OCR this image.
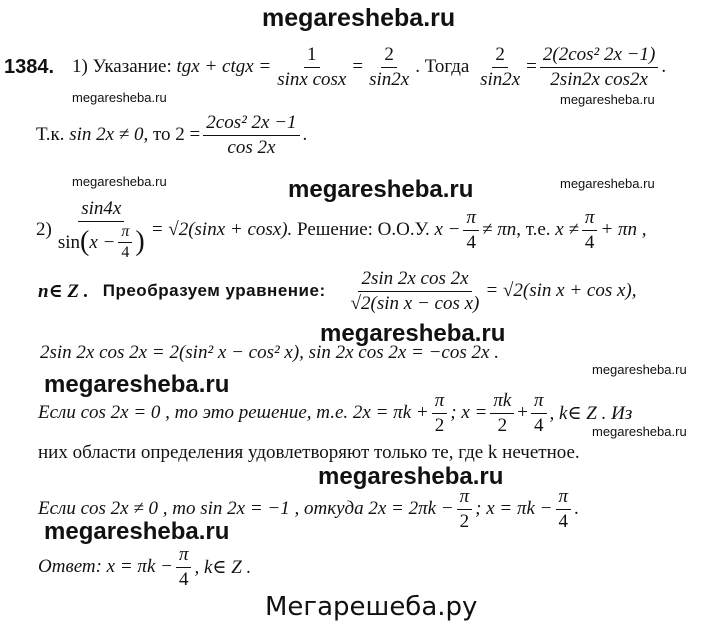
megaresheba.ru
1384. 1)
Указание:
tgx + ctgx = $\frac{1}{\text{sinx cosx}} = \frac{2}{\sin 2x}$ . Тогда
$\frac{2}{\sin 2x} = \frac{\text{2(2cos² 2x −1)}}{\text{2sin2x cos2x}}$ .
megaresheba.ru	megaresheba.ru
Т.к.
sin 2x ≠ 0 , то
$2 = \frac{\text{2cos² 2x −1}}{\cos 2x}$ .
megaresheba.ru	megaresheba.ru	megaresheba.ru
$2) \frac{\sin 4x}{\sin ( x - \frac{\pi}{4} )} = √2(\sin x + \cos x)$.
Решение: О.О.У.
$x - \frac{\pi}{4} \ne \pi n$ , т.е.
$x \ne \frac{\pi}{4} + \pi n$ ,
n∈ Z .
Преобразуем уравнение:
$\frac{\text{2sin 2x cos 2x}}{\text{√2(sin x − cos x)}} = √2(\sin$ x + cos x),
megaresheba.ru
2sin 2x cos 2x = 2(sin² x − cos² x), sin 2x cos 2x = −cos 2x .
megaresheba.ru
megaresheba.ru
Если cos 2x = 0 , то это решение, т.е. $2x = \pi k + \frac{\pi}{2}$ ; $x = \frac{\pi k}{2} + \frac{\pi}{4}$ , k∈ Z . Из
megaresheba.ru
них области определения удовлетворяют только те, где k нечетное.
megaresheba.ru
Если cos 2x ≠ 0 , то sin 2x = −1 , откуда $2x = 2\pi k - \frac{\pi}{2}$ ; $x = \pi k - \frac{\pi}{4}$ .
megaresheba.ru
Ответ: $x = \pi k - \frac{\pi}{4}$ , k∈ Z .
Мегарешеба.ру
